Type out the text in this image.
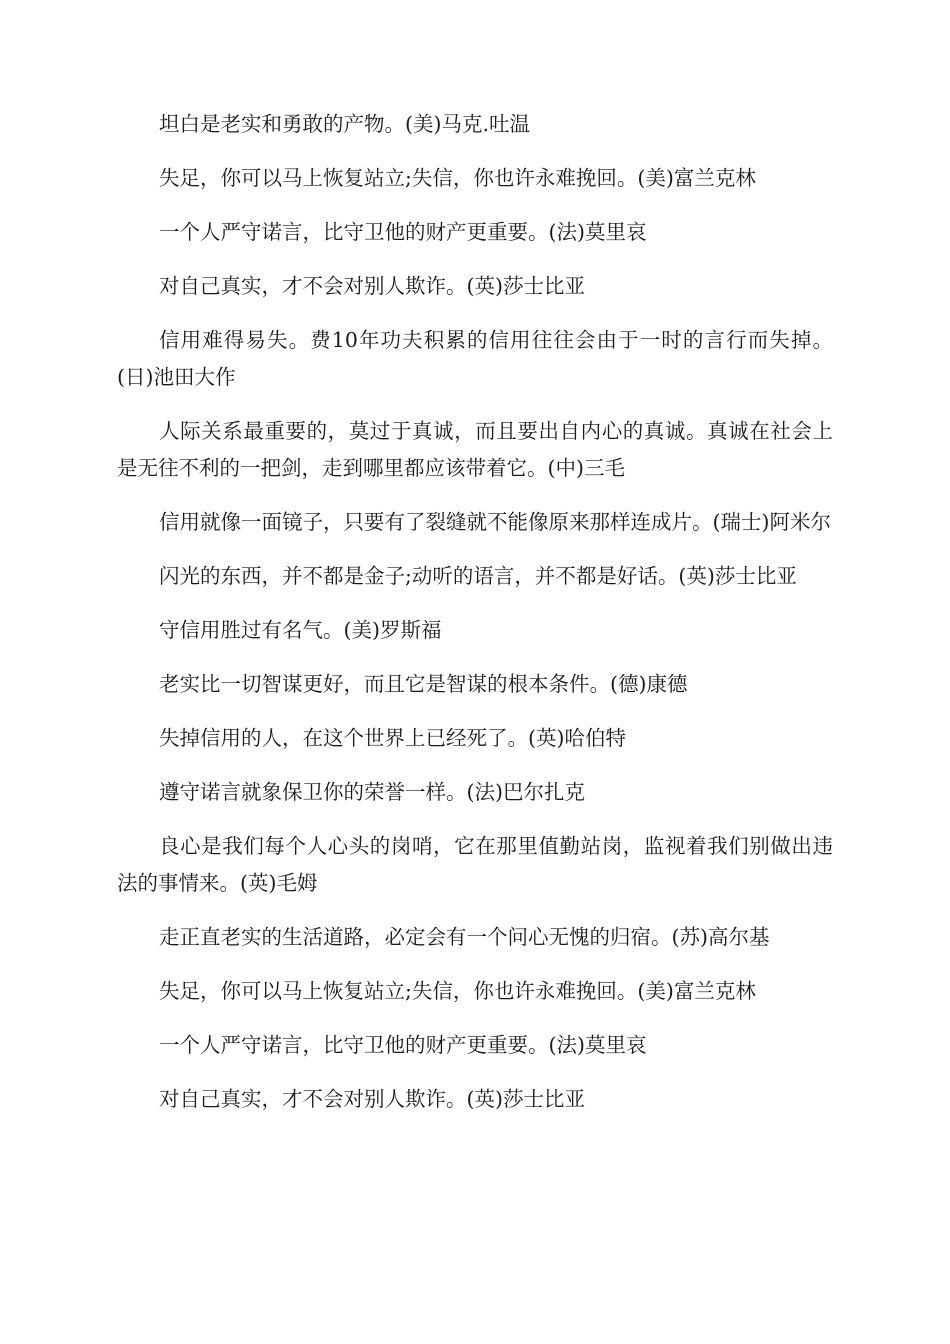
坦白是老实和勇敢的产物。(美)马克.吐温

失足，你可以马上恢复站立;失信，你也许永难挽回。(美)富兰克林

一个人严守诺言，比守卫他的财产更重要。(法)莫里哀

对自己真实，才不会对别人欺诈。(英)莎士比亚

信用难得易失。费10年功夫积累的信用往往会由于一时的言行而失掉。(日)池田大作

人际关系最重要的，莫过于真诚，而且要出自内心的真诚。真诚在社会上是无往不利的一把剑，走到哪里都应该带着它。(中)三毛

信用就像一面镜子，只要有了裂缝就不能像原来那样连成片。(瑞士)阿米尔

闪光的东西，并不都是金子;动听的语言，并不都是好话。(英)莎士比亚

守信用胜过有名气。(美)罗斯福

老实比一切智谋更好，而且它是智谋的根本条件。(德)康德

失掉信用的人，在这个世界上已经死了。(英)哈伯特

遵守诺言就象保卫你的荣誉一样。(法)巴尔扎克

良心是我们每个人心头的岗哨，它在那里值勤站岗，监视着我们别做出违法的事情来。(英)毛姆

走正直老实的生活道路，必定会有一个问心无愧的归宿。(苏)高尔基

失足，你可以马上恢复站立;失信，你也许永难挽回。(美)富兰克林

一个人严守诺言，比守卫他的财产更重要。(法)莫里哀

对自己真实，才不会对别人欺诈。(英)莎士比亚
